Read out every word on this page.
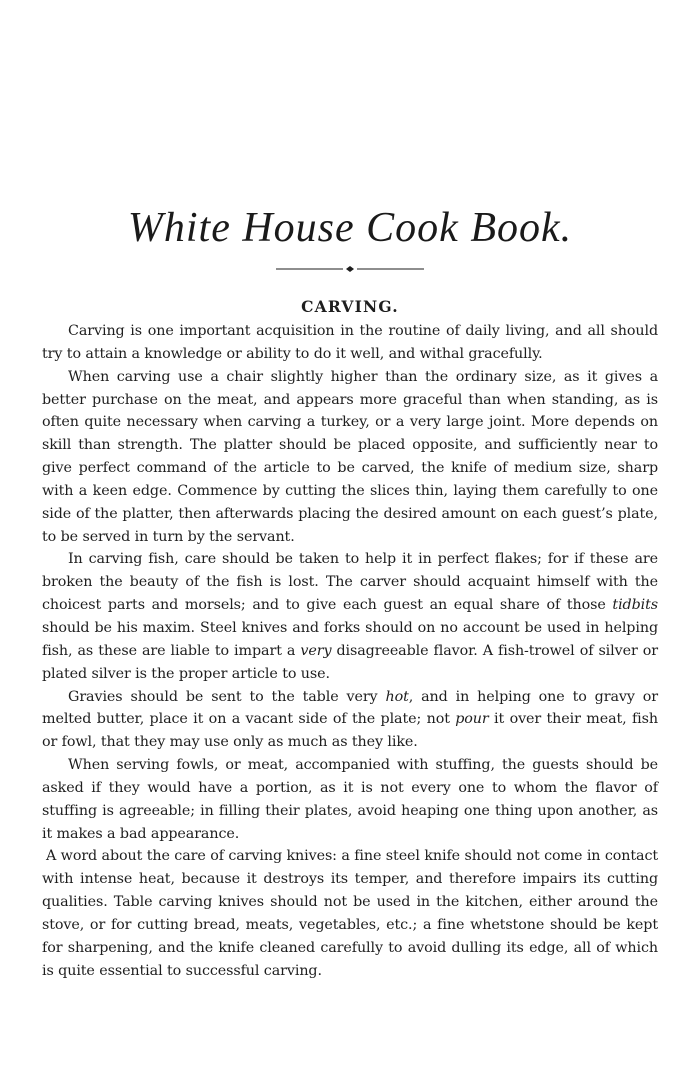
White House Cook Book.
CARVING.

Carving is one important acquisition in the routine of daily living, and all should try to attain a knowledge or ability to do it well, and withal gracefully.

When carving use a chair slightly higher than the ordinary size, as it gives a better purchase on the meat, and appears more graceful than when standing, as is often quite necessary when carving a turkey, or a very large joint. More depends on skill than strength. The platter should be placed opposite, and sufficiently near to give perfect command of the article to be carved, the knife of medium size, sharp with a keen edge. Commence by cutting the slices thin, laying them carefully to one side of the platter, then afterwards placing the desired amount on each guest’s plate, to be served in turn by the servant.

In carving fish, care should be taken to help it in perfect flakes; for if these are broken the beauty of the fish is lost. The carver should acquaint himself with the choicest parts and morsels; and to give each guest an equal share of those tidbits should be his maxim. Steel knives and forks should on no account be used in helping fish, as these are liable to impart a very disagreeable flavor. A fish-trowel of silver or plated silver is the proper article to use.

Gravies should be sent to the table very hot, and in helping one to gravy or melted butter, place it on a vacant side of the plate; not pour it over their meat, fish or fowl, that they may use only as much as they like.

When serving fowls, or meat, accompanied with stuffing, the guests should be asked if they would have a portion, as it is not every one to whom the flavor of stuffing is agreeable; in filling their plates, avoid heaping one thing upon another, as it makes a bad appearance.

A word about the care of carving knives: a fine steel knife should not come in contact with intense heat, because it destroys its temper, and therefore impairs its cutting qualities. Table carving knives should not be used in the kitchen, either around the stove, or for cutting bread, meats, vegetables, etc.; a fine whetstone should be kept for sharpening, and the knife cleaned carefully to avoid dulling its edge, all of which is quite essential to successful carving.
